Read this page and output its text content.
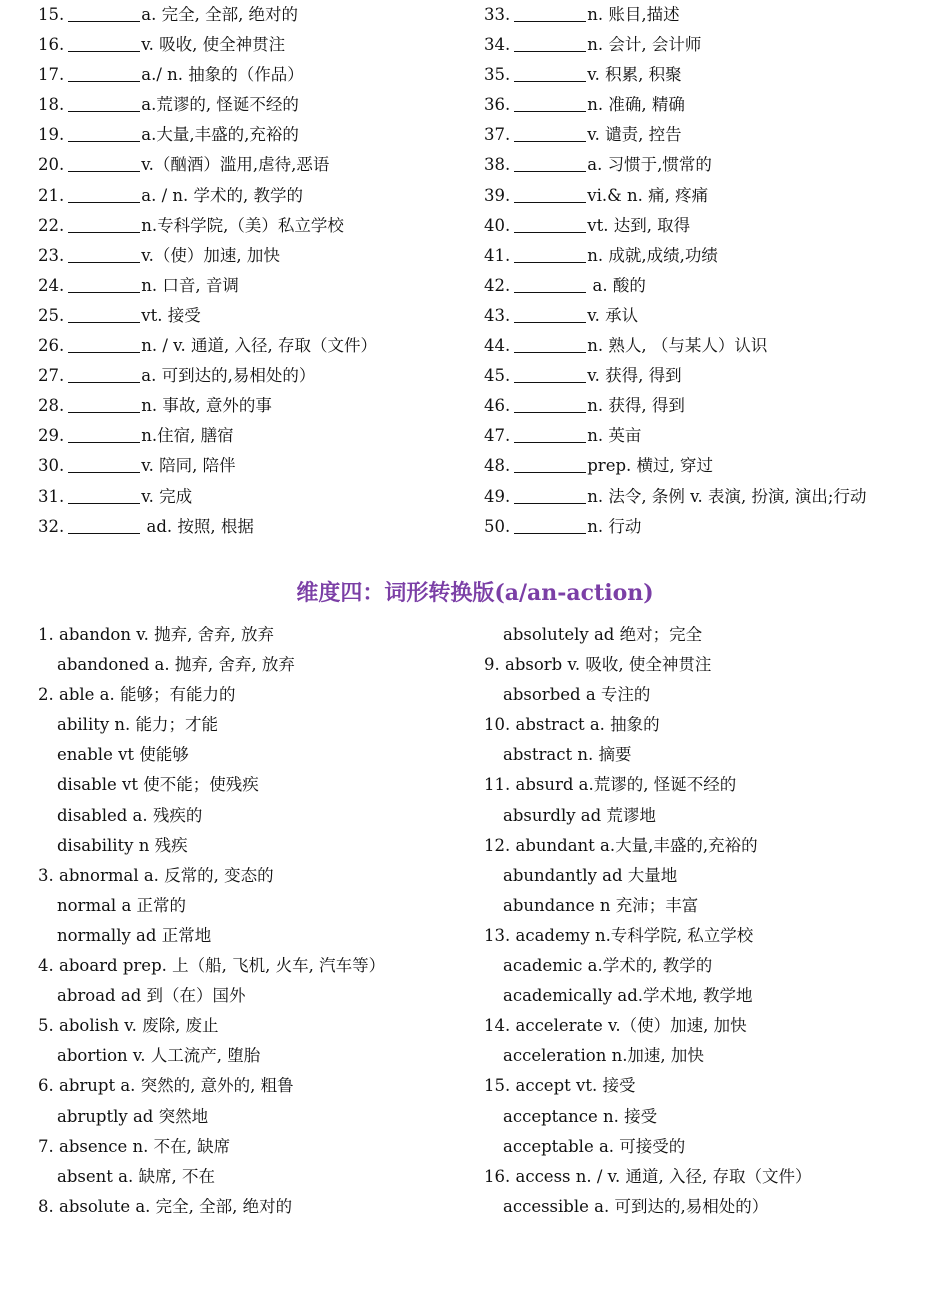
15.	a. 完全, 全部, 绝对的
16.	v. 吸收, 使全神贯注
17.	a./ n. 抽象的（作品）
18.	a.荒谬的, 怪诞不经的
19.	a.大量,丰盛的,充裕的
20.	v.（酗酒）滥用,虐待,恶语
21.	a. / n. 学术的, 教学的
22.	n.专科学院,（美）私立学校
23.	v.（使）加速, 加快
24.	n. 口音, 音调
25.	vt. 接受
26.	n. / v. 通道, 入径, 存取（文件）
27.	a. 可到达的,易相处的）
28.	n. 事故, 意外的事
29.	n.住宿, 膳宿
30.	v. 陪同, 陪伴
31.	v. 完成
32.	ad. 按照, 根据
33.	n. 账目,描述
34.	n. 会计, 会计师
35.	v. 积累, 积聚
36.	n. 准确, 精确
37.	v. 谴责, 控告
38.	a. 习惯于,惯常的
39.	vi.& n. 痛, 疼痛
40.	vt. 达到, 取得
41.	n. 成就,成绩,功绩
42.	a. 酸的
43.	v. 承认
44.	n. 熟人, （与某人）认识
45.	v. 获得, 得到
46.	n. 获得, 得到
47.	n. 英亩
48.	prep. 横过, 穿过
49.	n. 法令, 条例 v. 表演, 扮演, 演出;行动
50.	n. 行动
维度四：词形转换版(a/an-action)
1. abandon v. 抛弃, 舍弃, 放弃
abandoned a. 抛弃, 舍弃, 放弃
2. able a. 能够；有能力的
ability n. 能力；才能
enable vt 使能够
disable vt 使不能；使残疾
disabled a. 残疾的
disability n 残疾
3. abnormal a. 反常的, 变态的
normal a 正常的
normally ad 正常地
4. aboard prep. 上（船, 飞机, 火车, 汽车等）
abroad ad 到（在）国外
5. abolish v. 废除, 废止
abortion v. 人工流产, 堕胎
6. abrupt a. 突然的, 意外的, 粗鲁
abruptly ad 突然地
7. absence n. 不在, 缺席
absent a. 缺席, 不在
8. absolute a. 完全, 全部, 绝对的
absolutely ad 绝对；完全
9. absorb v. 吸收, 使全神贯注
absorbed a 专注的
10. abstract a. 抽象的
abstract n. 摘要
11. absurd a.荒谬的, 怪诞不经的
absurdly ad 荒谬地
12. abundant a.大量,丰盛的,充裕的
abundantly ad 大量地
abundance n 充沛；丰富
13. academy n.专科学院, 私立学校
academic a.学术的, 教学的
academically ad.学术地, 教学地
14. accelerate v.（使）加速, 加快
acceleration n.加速, 加快
15. accept vt. 接受
acceptance n. 接受
acceptable a. 可接受的
16. access n. / v. 通道, 入径, 存取（文件）
accessible a. 可到达的,易相处的）
